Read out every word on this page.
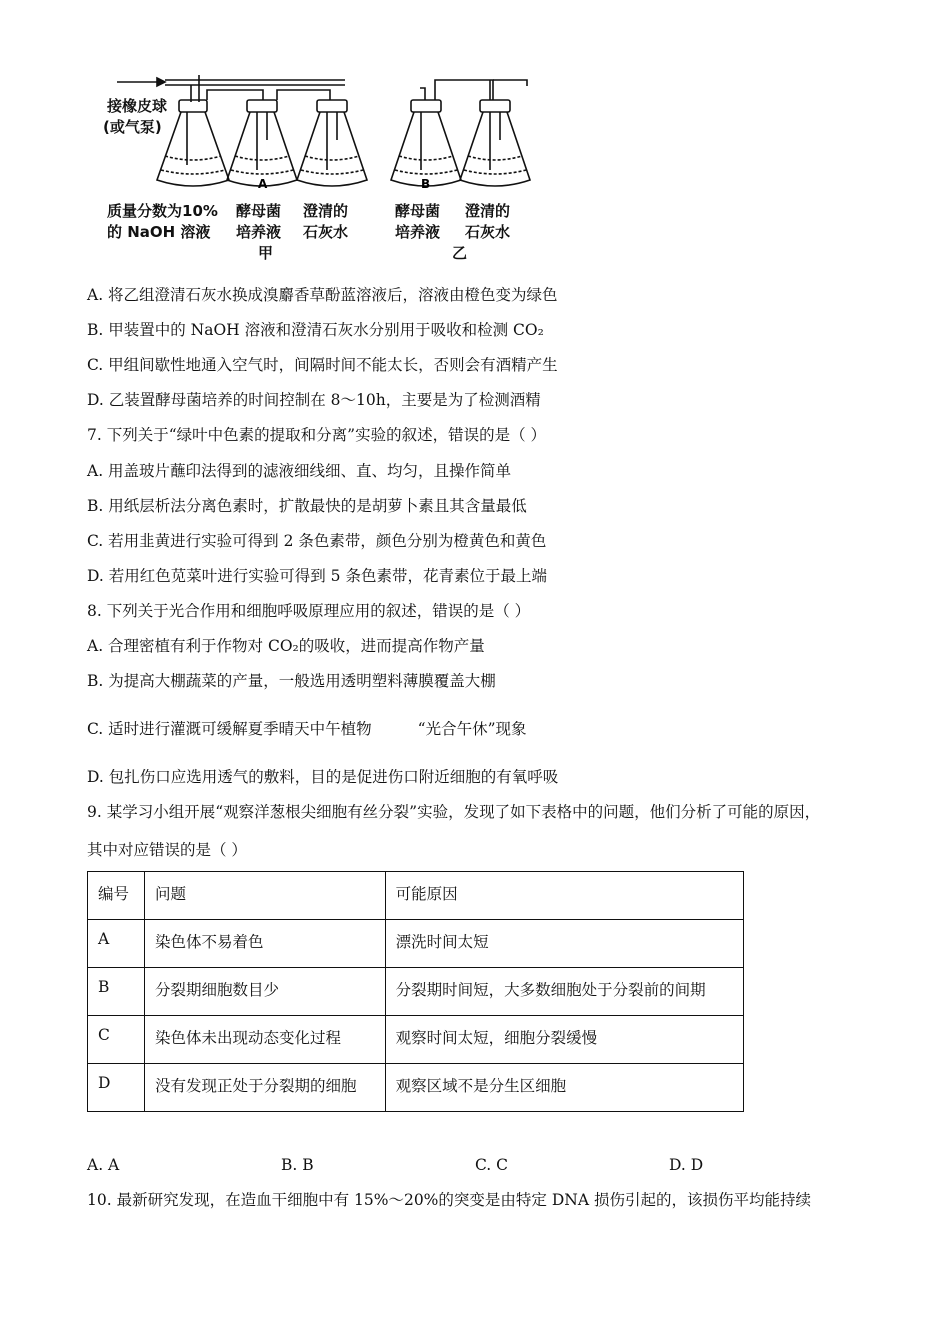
A	B
接橡皮球
(或气泵)
质量分数为10%
的 NaOH 溶液
酵母菌
培养液
澄清的
石灰水
甲
酵母菌
培养液
澄清的
石灰水
乙
A. 将乙组澄清石灰水换成溴麝香草酚蓝溶液后，溶液由橙色变为绿色
B. 甲装置中的 NaOH 溶液和澄清石灰水分别用于吸收和检测 CO₂
C. 甲组间歇性地通入空气时，间隔时间不能太长，否则会有酒精产生
D. 乙装置酵母菌培养的时间控制在 8～10h，主要是为了检测酒精
7. 下列关于“绿叶中色素的提取和分离”实验的叙述，错误的是（ ）
A. 用盖玻片蘸印法得到的滤液细线细、直、均匀，且操作简单
B. 用纸层析法分离色素时，扩散最快的是胡萝卜素且其含量最低
C. 若用韭黄进行实验可得到 2 条色素带，颜色分别为橙黄色和黄色
D. 若用红色苋菜叶进行实验可得到 5 条色素带，花青素位于最上端
8. 下列关于光合作用和细胞呼吸原理应用的叙述，错误的是（ ）
A. 合理密植有利于作物对 CO₂的吸收，进而提高作物产量
B. 为提高大棚蔬菜的产量，一般选用透明塑料薄膜覆盖大棚
C. 适时进行灌溉可缓解夏季晴天中午植物	“光合午休”现象
D. 包扎伤口应选用透气的敷料，目的是促进伤口附近细胞的有氧呼吸
9. 某学习小组开展“观察洋葱根尖细胞有丝分裂”实验，发现了如下表格中的问题，他们分析了可能的原因，
其中对应错误的是（ ）
编号	问题	可能原因
A	染色体不易着色	漂洗时间太短
B	分裂期细胞数目少	分裂期时间短，大多数细胞处于分裂前的间期
C	染色体未出现动态变化过程	观察时间太短，细胞分裂缓慢
D	没有发现正处于分裂期的细胞	观察区域不是分生区细胞
A. A	B. B	C. C	D. D
10. 最新研究发现，在造血干细胞中有 15%～20%的突变是由特定 DNA 损伤引起的，该损伤平均能持续
